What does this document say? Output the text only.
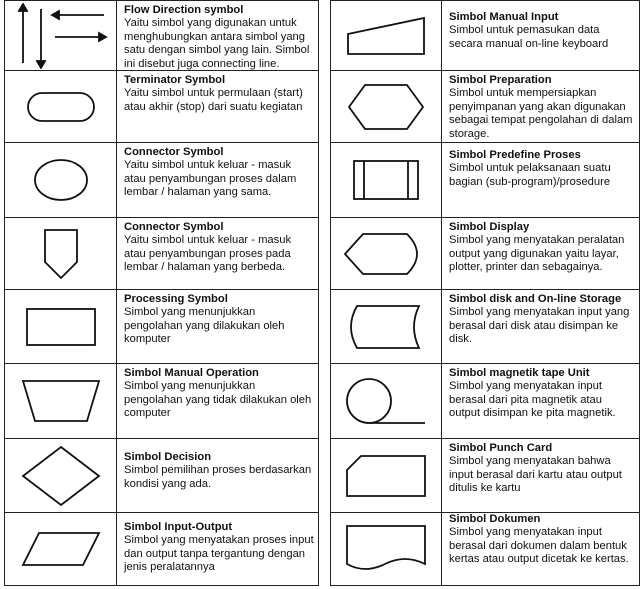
Flow Direction symbol
Yaitu simbol yang digunakan untuk menghubungkan antara simbol yang satu dengan simbol yang lain. Simbol ini disebut juga connecting line.
Terminator Symbol
Yaitu simbol untuk permulaan (start) atau akhir (stop) dari suatu kegiatan
Connector Symbol
Yaitu simbol untuk keluar - masuk atau penyambungan proses dalam lembar / halaman yang sama.
Connector Symbol
Yaitu simbol untuk keluar - masuk atau penyambungan proses pada lembar / halaman yang berbeda.
Processing Symbol
Simbol yang menunjukkan pengolahan yang dilakukan oleh komputer
Simbol Manual Operation
Simbol yang menunjukkan pengolahan yang tidak dilakukan oleh computer
Simbol Decision
Simbol pemilihan proses berdasarkan kondisi yang ada.
Simbol Input-Output
Simbol yang menyatakan proses input dan output tanpa tergantung dengan jenis peralatannya
Simbol Manual Input
Simbol untuk pemasukan data secara manual on-line keyboard
Simbol Preparation
Simbol untuk mempersiapkan penyimpanan yang akan digunakan sebagai tempat pengolahan di dalam storage.
Simbol Predefine Proses
Simbol untuk pelaksanaan suatu bagian (sub-program)/prosedure
Simbol Display
Simbol yang menyatakan peralatan output yang digunakan yaitu layar, plotter, printer dan sebagainya.
Simbol disk and On-line Storage
Simbol yang menyatakan input yang berasal dari disk atau disimpan ke disk.
Simbol magnetik tape Unit
Simbol yang menyatakan input berasal dari pita magnetik atau output disimpan ke pita magnetik.
Simbol Punch Card
Simbol yang menyatakan bahwa input berasal dari kartu atau output ditulis ke kartu
Simbol Dokumen
Simbol yang menyatakan input berasal dari dokumen dalam bentuk kertas atau output dicetak ke kertas.
